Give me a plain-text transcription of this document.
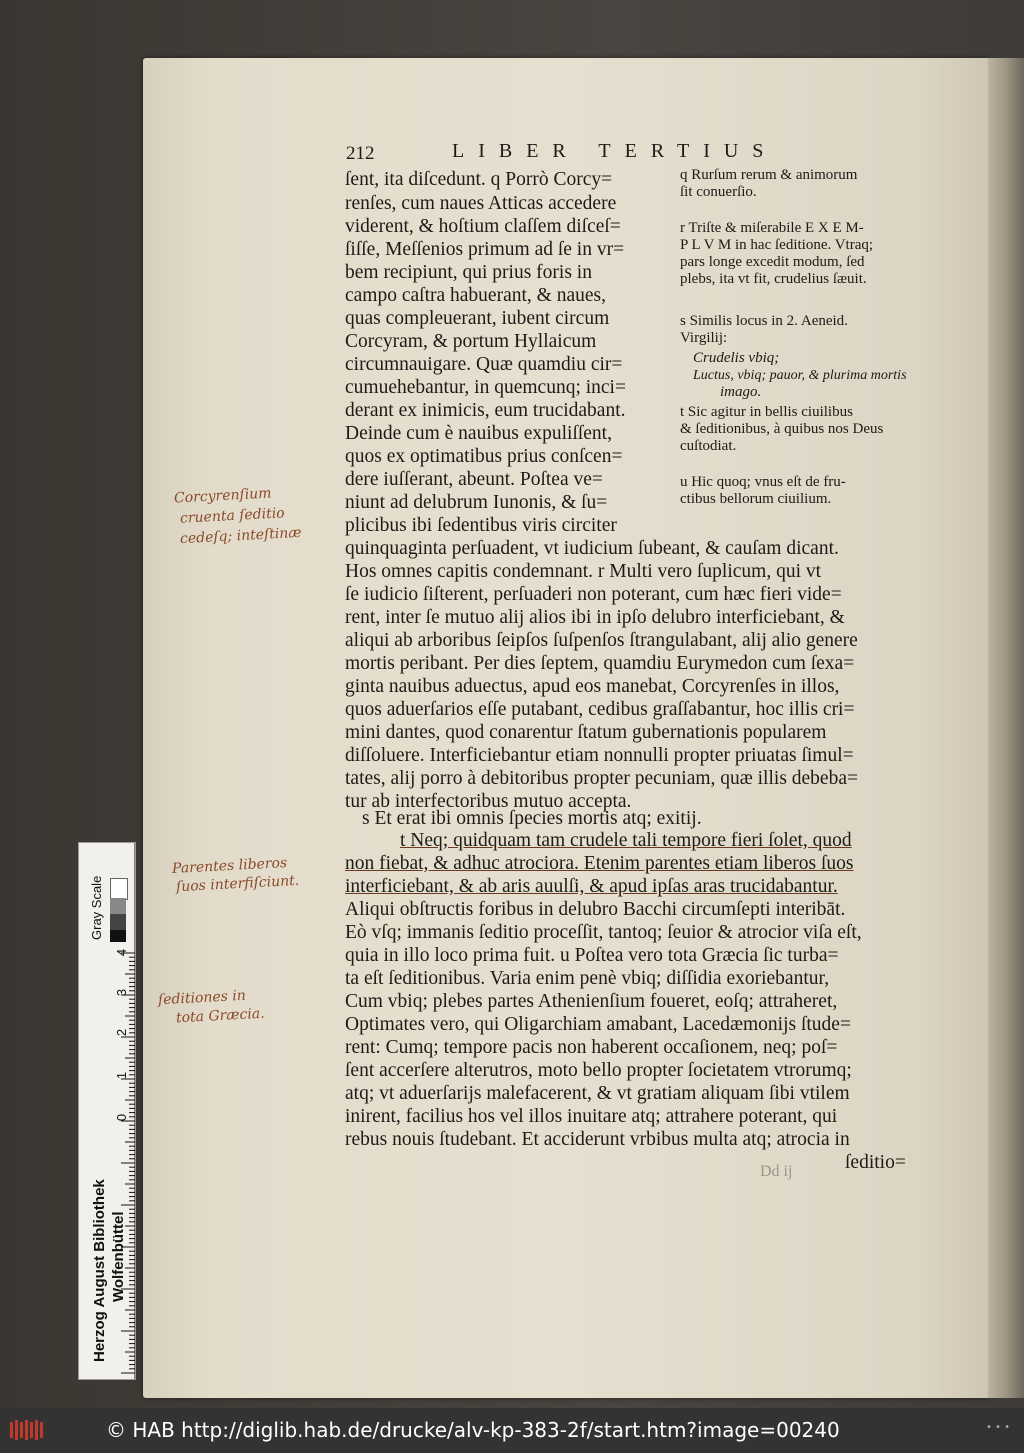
212	LIBER TERTIUS
ſent, ita diſcedunt. q Porrò Corcy=
renſes, cum naues Atticas accedere
viderent, & hoſtium claſſem diſceſ=
ſiſſe, Meſſenios primum ad ſe in vr=
bem recipiunt, qui prius foris in
campo caſtra habuerant, & naues,
quas compleuerant, iubent circum
Corcyram, & portum Hyllaicum
circumnauigare. Quæ quamdiu cir=
cumuehebantur, in quemcunq; inci=
derant ex inimicis, eum trucidabant.
Deinde cum è nauibus expuliſſent,
quos ex optimatibus prius conſcen=
dere iuſſerant, abeunt. Poſtea ve=
niunt ad delubrum Iunonis, & ſu=
plicibus ibi ſedentibus viris circiter
q Rurſum rerum & animorum
ſit conuerſio.
r Triſte & miſerabile E X E M-
P L V M in hac ſeditione. Vtraq;
pars longe excedit modum, ſed
plebs, ita vt fit, crudelius ſæuit.
s Similis locus in 2. Aeneid.
Virgilij:
Crudelis vbiq;
Luctus, vbiq; pauor, & plurima mortis
imago.
t Sic agitur in bellis ciuilibus
& ſeditionibus, à quibus nos Deus
cuſtodiat.
u Hic quoq; vnus eſt de fru-
ctibus bellorum ciuilium.
quinquaginta perſuadent, vt iudicium ſubeant, & cauſam dicant.
Hos omnes capitis condemnant. r Multi vero ſuplicum, qui vt
ſe iudicio ſiſterent, perſuaderi non poterant, cum hæc fieri vide=
rent, inter ſe mutuo alij alios ibi in ipſo delubro interficiebant, &
aliqui ab arboribus ſeipſos ſuſpenſos ſtrangulabant, alij alio genere
mortis peribant. Per dies ſeptem, quamdiu Eurymedon cum ſexa=
ginta nauibus aduectus, apud eos manebat, Corcyrenſes in illos,
quos aduerſarios eſſe putabant, cedibus graſſabantur, hoc illis cri=
mini dantes, quod conarentur ſtatum gubernationis popularem
diſſoluere. Interficiebantur etiam nonnulli propter priuatas ſimul=
tates, alij porro à debitoribus propter pecuniam, quæ illis debeba=
tur ab interfectoribus mutuo accepta.
s Et erat ibi omnis ſpecies mortis atq; exitij.
t Neq; quidquam tam crudele tali tempore fieri ſolet, quod
non fiebat, & adhuc atrociora. Etenim parentes etiam liberos ſuos
interficiebant, & ab aris auulſi, & apud ipſas aras trucidabantur.
Aliqui obſtructis foribus in delubro Bacchi circumſepti interibāt.
Eò vſq; immanis ſeditio proceſſit, tantoq; ſeuior & atrocior viſa eſt,
quia in illo loco prima fuit. u Poſtea vero tota Græcia ſic turba=
ta eſt ſeditionibus. Varia enim penè vbiq; diſſidia exoriebantur,
Cum vbiq; plebes partes Athenienſium foueret, eoſq; attraheret,
Optimates vero, qui Oligarchiam amabant, Lacedæmonijs ſtude=
rent: Cumq; tempore pacis non haberent occaſionem, neq; poſ=
ſent accerſere alterutros, moto bello propter ſocietatem vtrorumq;
atq; vt aduerſarijs malefacerent, & vt gratiam aliquam ſibi vtilem
inirent, facilius hos vel illos inuitare atq; attrahere poterant, qui
rebus nouis ſtudebant. Et acciderunt vrbibus multa atq; atrocia in
ſeditio=
Dd ij
Corcyrenſium
cruenta ſeditio
cedeſq; inteſtinæ
Parentes liberos
ſuos interfiſciunt.
ſeditiones in
tota Græcia.
Gray Scale
4
3
2
1
0
Herzog August Bibliothek Wolfenbüttel
© HAB http://diglib.hab.de/drucke/alv-kp-383-2f/start.htm?image=00240	• • •
